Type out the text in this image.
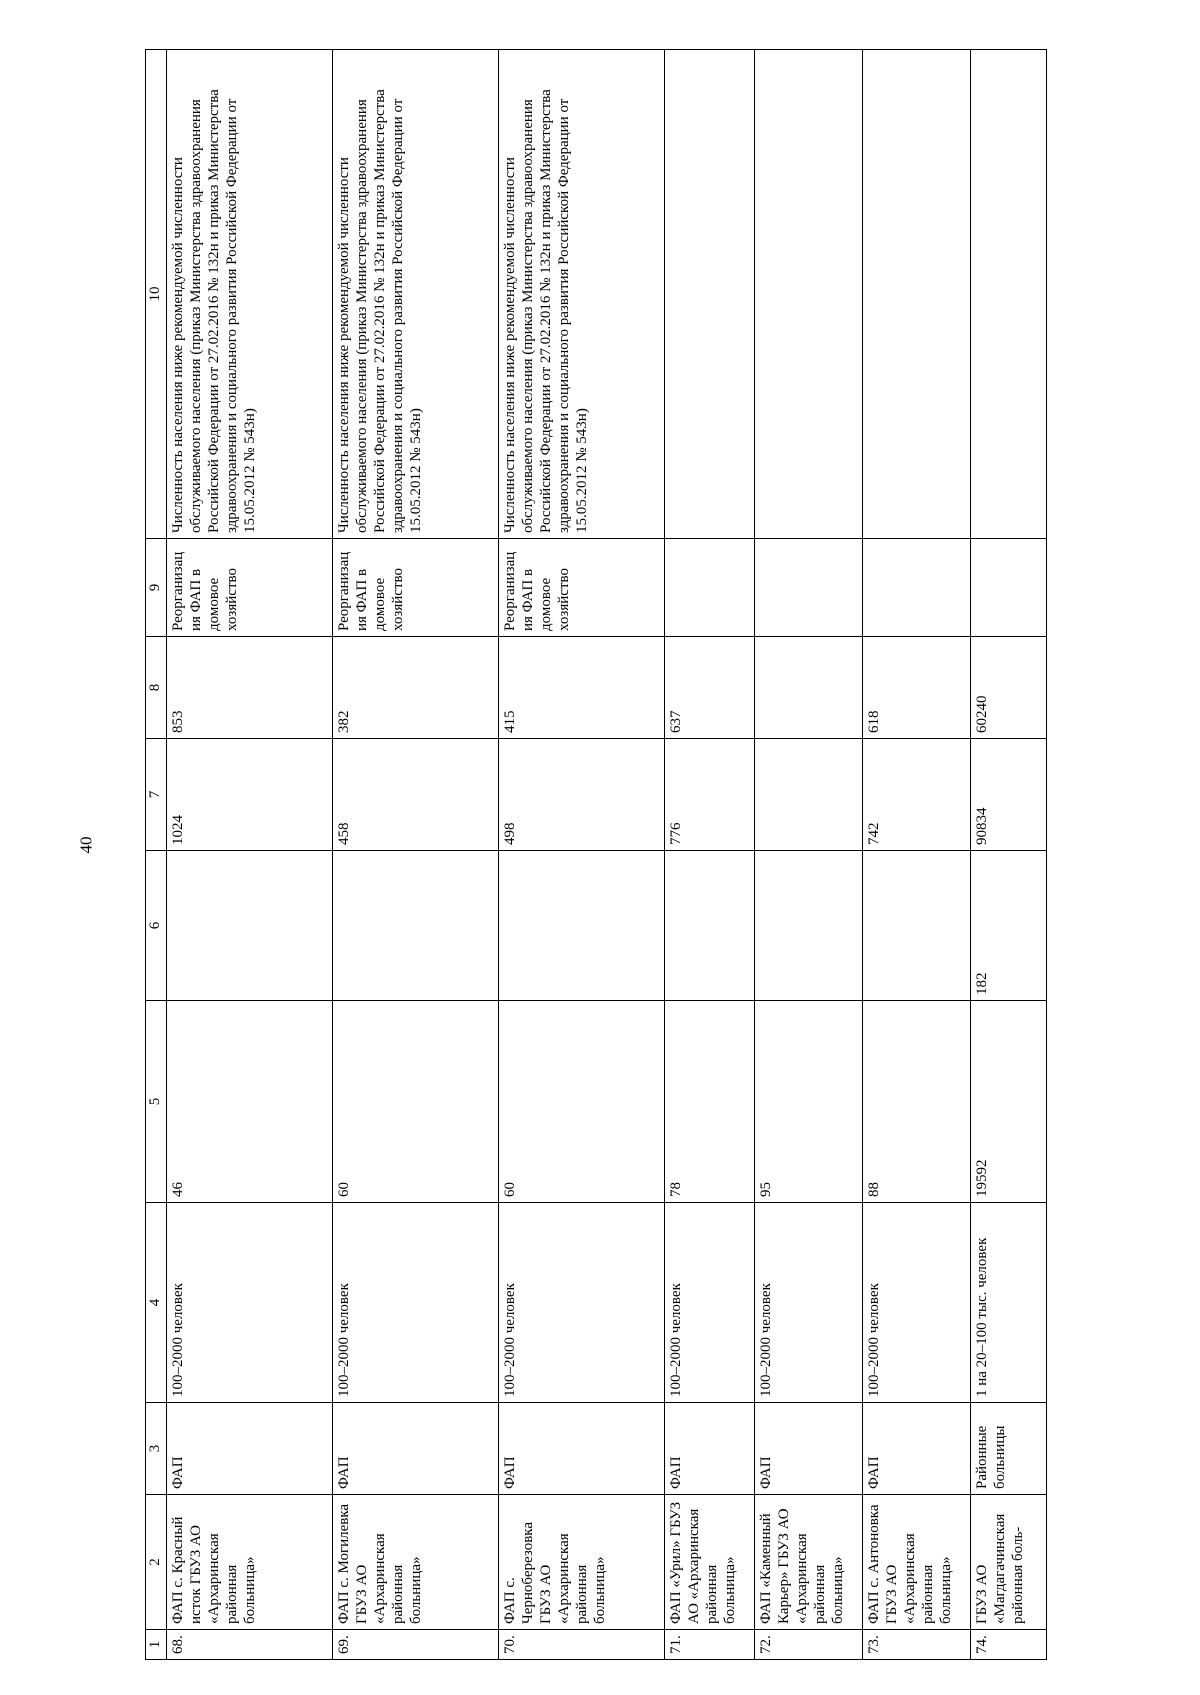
40
1	2	3	4	5	6	7	8	9	10
68.	ФАП с. Красный исток ГБУЗ АО «Архаринская районная больница»	ФАП	100–2000 человек	46		1024	853	Реорганизация ФАП в домовое хозяйство	Численность населения ниже рекомендуемой численности обслуживаемого населения (приказ Министерства здравоохранения Российской Федерации от 27.02.2016 № 132н и приказ Министерства здравоохранения и социального развития Российской Федерации от 15.05.2012 № 543н)
69.	ФАП с. Могилевка ГБУЗ АО «Архаринская районная больница»	ФАП	100–2000 человек	60		458	382	Реорганизация ФАП в домовое хозяйство	Численность населения ниже рекомендуемой численности обслуживаемого населения (приказ Министерства здравоохранения Российской Федерации от 27.02.2016 № 132н и приказ Министерства здравоохранения и социального развития Российской Федерации от 15.05.2012 № 543н)
70.	ФАП с. Черноберезовка ГБУЗ АО «Архаринская районная больница»	ФАП	100–2000 человек	60		498	415	Реорганизация ФАП в домовое хозяйство	Численность населения ниже рекомендуемой численности обслуживаемого населения (приказ Министерства здравоохранения Российской Федерации от 27.02.2016 № 132н и приказ Министерства здравоохранения и социального развития Российской Федерации от 15.05.2012 № 543н)
71.	ФАП «Урил» ГБУЗ АО «Архаринская районная больница»	ФАП	100–2000 человек	78		776	637		
72.	ФАП «Каменный Карьер» ГБУЗ АО «Архаринская районная больница»	ФАП	100–2000 человек	95					
73.	ФАП с. Антоновка ГБУЗ АО «Архаринская районная больница»	ФАП	100–2000 человек	88		742	618		
74.	ГБУЗ АО «Магдагачинская районная боль-	Районные больницы	1 на 20–100 тыс. человек	19592	182	90834	60240		
